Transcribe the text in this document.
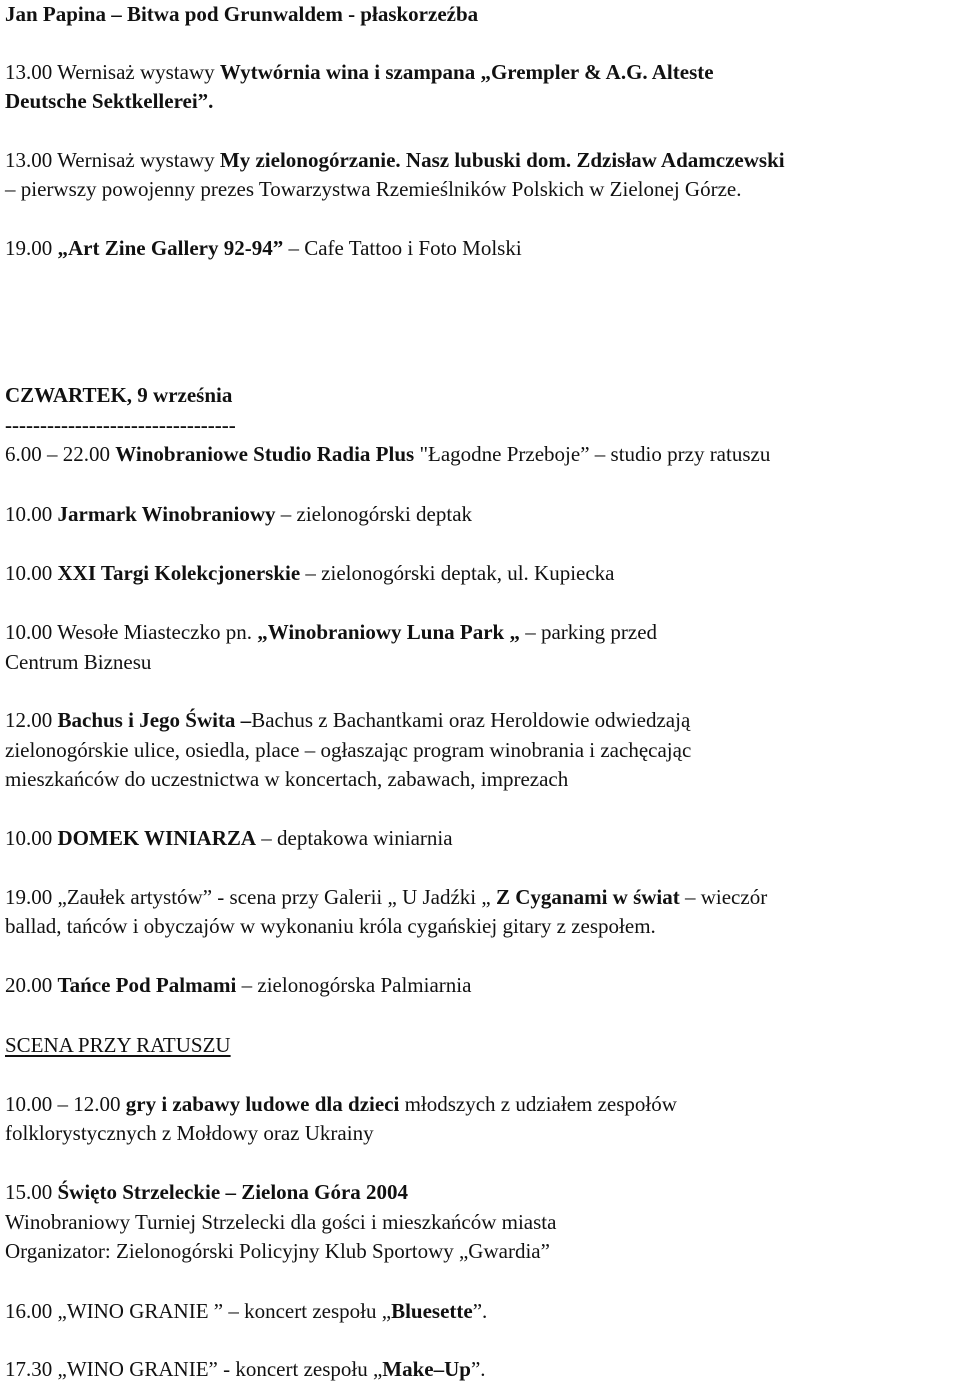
Jan Papina – Bitwa pod Grunwaldem - płaskorzeźba
13.00 Wernisaż wystawy Wytwórnia wina i szampana „Grempler & A.G. Alteste
Deutsche Sektkellerei”.
13.00 Wernisaż wystawy My zielonogórzanie. Nasz lubuski dom. Zdzisław Adamczewski
– pierwszy powojenny prezes Towarzystwa Rzemieślników Polskich w Zielonej Górze.
19.00 „Art Zine Gallery 92-94” – Cafe Tattoo i Foto Molski
CZWARTEK, 9 września
---------------------------------
6.00 – 22.00 Winobraniowe Studio Radia Plus "Łagodne Przeboje” – studio przy ratuszu
10.00 Jarmark Winobraniowy – zielonogórski deptak
10.00 XXI Targi Kolekcjonerskie – zielonogórski deptak, ul. Kupiecka
10.00 Wesołe Miasteczko pn. „Winobraniowy Luna Park „ – parking przed
Centrum Biznesu
12.00 Bachus i Jego Świta –Bachus z Bachantkami oraz Heroldowie odwiedzają
zielonogórskie ulice, osiedla, place – ogłaszając program winobrania i zachęcając
mieszkańców do uczestnictwa w koncertach, zabawach, imprezach
10.00 DOMEK WINIARZA – deptakowa winiarnia
19.00 „Zaułek artystów” - scena przy Galerii „ U Jadźki „ Z Cyganami w świat – wieczór
ballad, tańców i obyczajów w wykonaniu króla cygańskiej gitary z zespołem.
20.00 Tańce Pod Palmami – zielonogórska Palmiarnia
SCENA PRZY RATUSZU
10.00 – 12.00 gry i zabawy ludowe dla dzieci młodszych z udziałem zespołów
folklorystycznych z Mołdowy oraz Ukrainy
15.00 Święto Strzeleckie – Zielona Góra 2004
Winobraniowy Turniej Strzelecki dla gości i mieszkańców miasta
Organizator: Zielonogórski Policyjny Klub Sportowy „Gwardia”
16.00 „WINO GRANIE ” – koncert zespołu „Bluesette”.
17.30 „WINO GRANIE” - koncert zespołu „Make–Up”.
